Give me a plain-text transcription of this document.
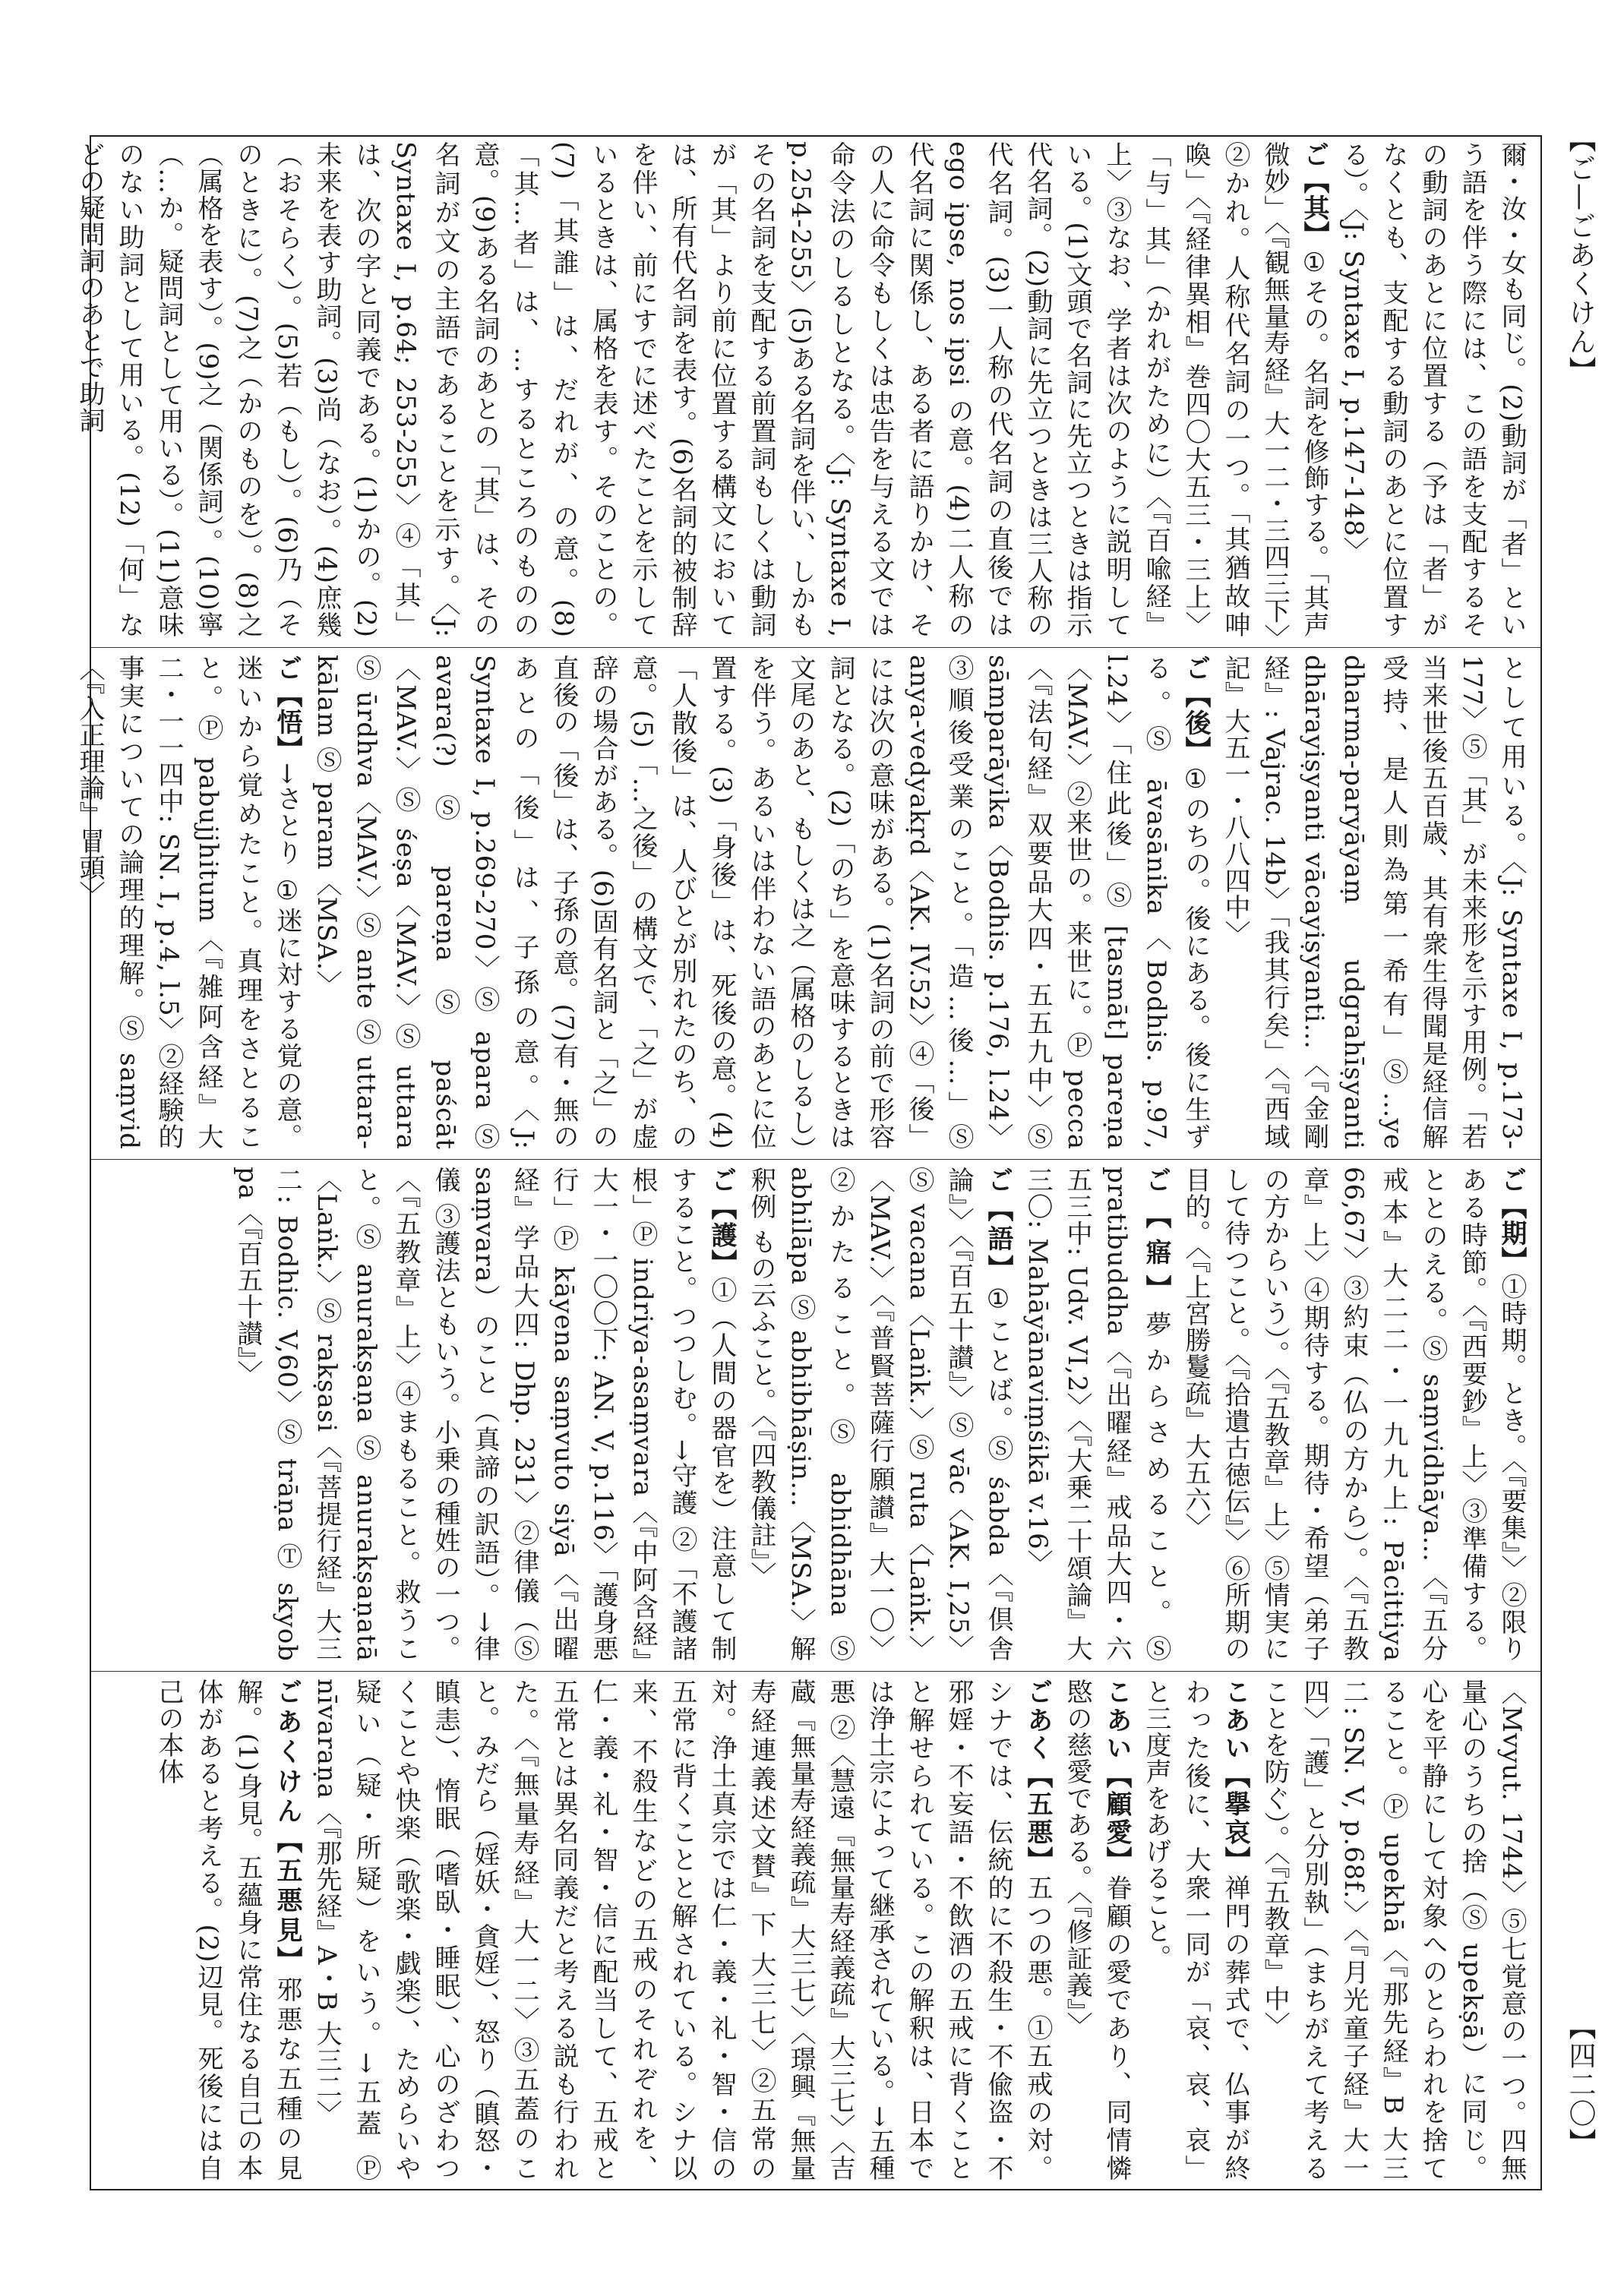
【ご—ごあくけん】
【四二〇】

爾・汝・女も同じ。(2)動詞が「者」という語を伴う際には、この語を支配するその動詞のあとに位置する（予は「者」がなくとも、支配する動詞のあとに位置する）。〈J: Syntaxe I, p.147-148〉

ご【其】①その。名詞を修飾する。「其声微妙」〈『観無量寿経』大一二・三四三下〉②かれ。人称代名詞の一つ。「其猶故呻喚」〈『経律異相』巻四〇大五三・三上〉「与」其」（かれがために）〈『百喩経』上〉③なお、学者は次のように説明している。(1)文頭で名詞に先立つときは指示代名詞。(2)動詞に先立つときは三人称の代名詞。(3)一人称の代名詞の直後では ego ipse, nos ipsi の意。(4)二人称の代名詞に関係し、ある者に語りかけ、その人に命令もしくは忠告を与える文では命令法のしるしとなる。〈J: Syntaxe I, p.254-255〉(5)ある名詞を伴い、しかもその名詞を支配する前置詞もしくは動詞が「其」より前に位置する構文においては、所有代名詞を表す。(6)名詞的被制辞を伴い、前にすでに述べたことを示しているときは、属格を表す。そのことの。(7)「其誰」は、だれが、の意。(8)「其…者」は、…するところのものの意。(9)ある名詞のあとの「其」は、その名詞が文の主語であることを示す。〈J: Syntaxe I, p.64; 253-255〉④「其」は、次の字と同義である。(1)かの。(2)未来を表す助詞。(3)尚（なお）。(4)庶幾（おそらく）。(5)若（もし）。(6)乃（そのときに）。(7)之（かのものを）。(8)之（属格を表す）。(9)之（関係詞）。(10)寧（…か。疑問詞として用いる）。(11)意味のない助詞として用いる。(12)「何」などの疑問詞のあとで助詞

として用いる。〈J: Syntaxe I, p.173-177〉⑤「其」が未来形を示す用例。「若当来世後五百歳、其有衆生得聞是経信解受持、是人則為第一希有」Ⓢ…ye dharma-paryāyaṃ udgrahīṣyanti dhārayiṣyanti vācayiṣyanti…〈『金剛経』: Vajrac. 14b〉「我其行矣」〈『西域記』大五一・八八四中〉

ご【後】①のちの。後にある。後に生ずる。Ⓢ āvasānika〈Bodhis. p.97, l.24〉「住此後」Ⓢ [tasmāt] pareṇa〈MAV.〉②来世の。来世に。Ⓟ pecca〈『法句経』双要品大四・五五九中〉Ⓢ sāmparāyika〈Bodhis. p.176, l.24〉③順後受業のこと。「造…後…」Ⓢ anya-vedyakṛd〈AK. IV.52〉④「後」には次の意味がある。(1)名詞の前で形容詞となる。(2)「のち」を意味するときは文尾のあと、もしくは之（属格のしるし）を伴う。あるいは伴わない語のあとに位置する。(3)「身後」は、死後の意。(4)「人散後」は、人びとが別れたのち、の意。(5)「…之後」の構文で、「之」が虚辞の場合がある。(6)固有名詞と「之」の直後の「後」は、子孫の意。(7)有・無のあとの「後」は、子孫の意。〈J: Syntaxe I, p.269-270〉Ⓢ apara Ⓢ avara(?) Ⓢ pareṇa Ⓢ paścāt〈MAV.〉Ⓢ śeṣa〈MAV.〉Ⓢ uttara Ⓢ ūrdhva〈MAV.〉Ⓢ ante Ⓢ uttara-kālam Ⓢ param〈MSA.〉

ご【悟】→さとり ①迷に対する覚の意。迷いから覚めたこと。真理をさとること。Ⓟ pabujjhitum〈『雑阿含経』大二・一一四中: SN. I, p.4, l.5〉②経験的事実についての論理的理解。Ⓢ saṃvid〈『入正理論』冒頭〉

ご【期】①時期。とき。〈『要集』〉②限りある時節。〈『西要鈔』上〉③準備する。ととのえる。Ⓢ saṃvidhāya…〈『五分戒本』大二二・一九九上: Pācittiya 66,67〉③約束（仏の方から）。〈『五教章』上〉④期待する。期待・希望（弟子の方からいう）。〈『五教章』上〉⑤情実にして待つこと。〈『拾遺古徳伝』〉⑥所期の目的。〈『上宮勝鬘疏』大五六〉

ご【寤】夢からさめること。Ⓢ pratibuddha〈『出曜経』戒品大四・六五三中: Udv. VI,2〉〈『大乗二十頌論』大三〇: Mahāyānaviṃśikā v.16〉

ご【語】①ことば。Ⓢ śabda〈『倶舎論』〉〈『百五十讃』〉Ⓢ vāc〈AK. I,25〉Ⓢ vacana〈Laṅk.〉Ⓢ ruta〈Laṅk.〉〈MAV.〉〈『普賢菩薩行願讃』大一〇〉②かたること。Ⓢ abhidhāna Ⓢ abhilāpa Ⓢ abhibhāṣin…〈MSA.〉解釈例 もの云ふこと。〈『四教儀註』〉

ご【護】①（人間の器官を）注意して制すること。つつしむ。→守護 ②「不護諸根」Ⓟ indriya-asaṃvara〈『中阿含経』大一・一〇〇下: AN. V, p.116〉「護身悪行」Ⓟ kāyena saṃvuto siyā〈『出曜経』学品大四: Dhp. 231〉②律儀（Ⓢ saṃvara）のこと（真諦の訳語）。→律儀 ③護法ともいう。小乗の種姓の一つ。〈『五教章』上〉④まもること。救うこと。Ⓢ anurakṣaṇa Ⓢ anurakṣaṇatā〈Laṅk.〉Ⓢ rakṣasi〈『菩提行経』大三二: Bodhic. V,60〉Ⓢ trāṇa Ⓣ skyob pa〈『百五十讃』〉

〈Mvyut. 1744〉⑤七覚意の一つ。四無量心のうちの捨（Ⓢ upekṣā）に同じ。心を平静にして対象へのとらわれを捨てること。Ⓟ upekhā〈『那先経』B 大三二: SN. V, p.68f.〉〈『月光童子経』大一四〉「護」と分別執」（まちがえて考えることを防ぐ）。〈『五教章』中〉

こあい【擧哀】禅門の葬式で、仏事が終わった後に、大衆一同が「哀、哀、哀」と三度声をあげること。

こあい【顧愛】眷顧の愛であり、同情憐愍の慈愛である。〈『修証義』〉

ごあく【五悪】五つの悪。①五戒の対。シナでは、伝統的に不殺生・不偸盗・不邪婬・不妄語・不飲酒の五戒に背くことと解せられている。この解釈は、日本では浄土宗によって継承されている。→五種悪 ②〈慧遠『無量寿経義疏』大三七〉〈吉蔵『無量寿経義疏』大三七〉〈璟興『無量寿経連義述文賛』下 大三七〉②五常の対。浄土真宗では仁・義・礼・智・信の五常に背くことと解されている。シナ以来、不殺生などの五戒のそれぞれを、仁・義・礼・智・信に配当して、五戒と五常とは異名同義だと考える説も行われた。〈『無量寿経』大一二〉③五蓋のこと。みだら（婬妖・貪婬）、怒り（瞋怒・瞋恚）、惰眠（嗜臥・睡眠）、心のざわつくことや快楽（歌楽・戯楽）、ためらいや疑い（疑・所疑）をいう。→五蓋 Ⓟ nīvaraṇa〈『那先経』A・B 大三二〉

ごあくけん【五悪見】邪悪な五種の見解。(1)身見。五蘊身に常住なる自己の本体があると考える。(2)辺見。死後には自己の本体
